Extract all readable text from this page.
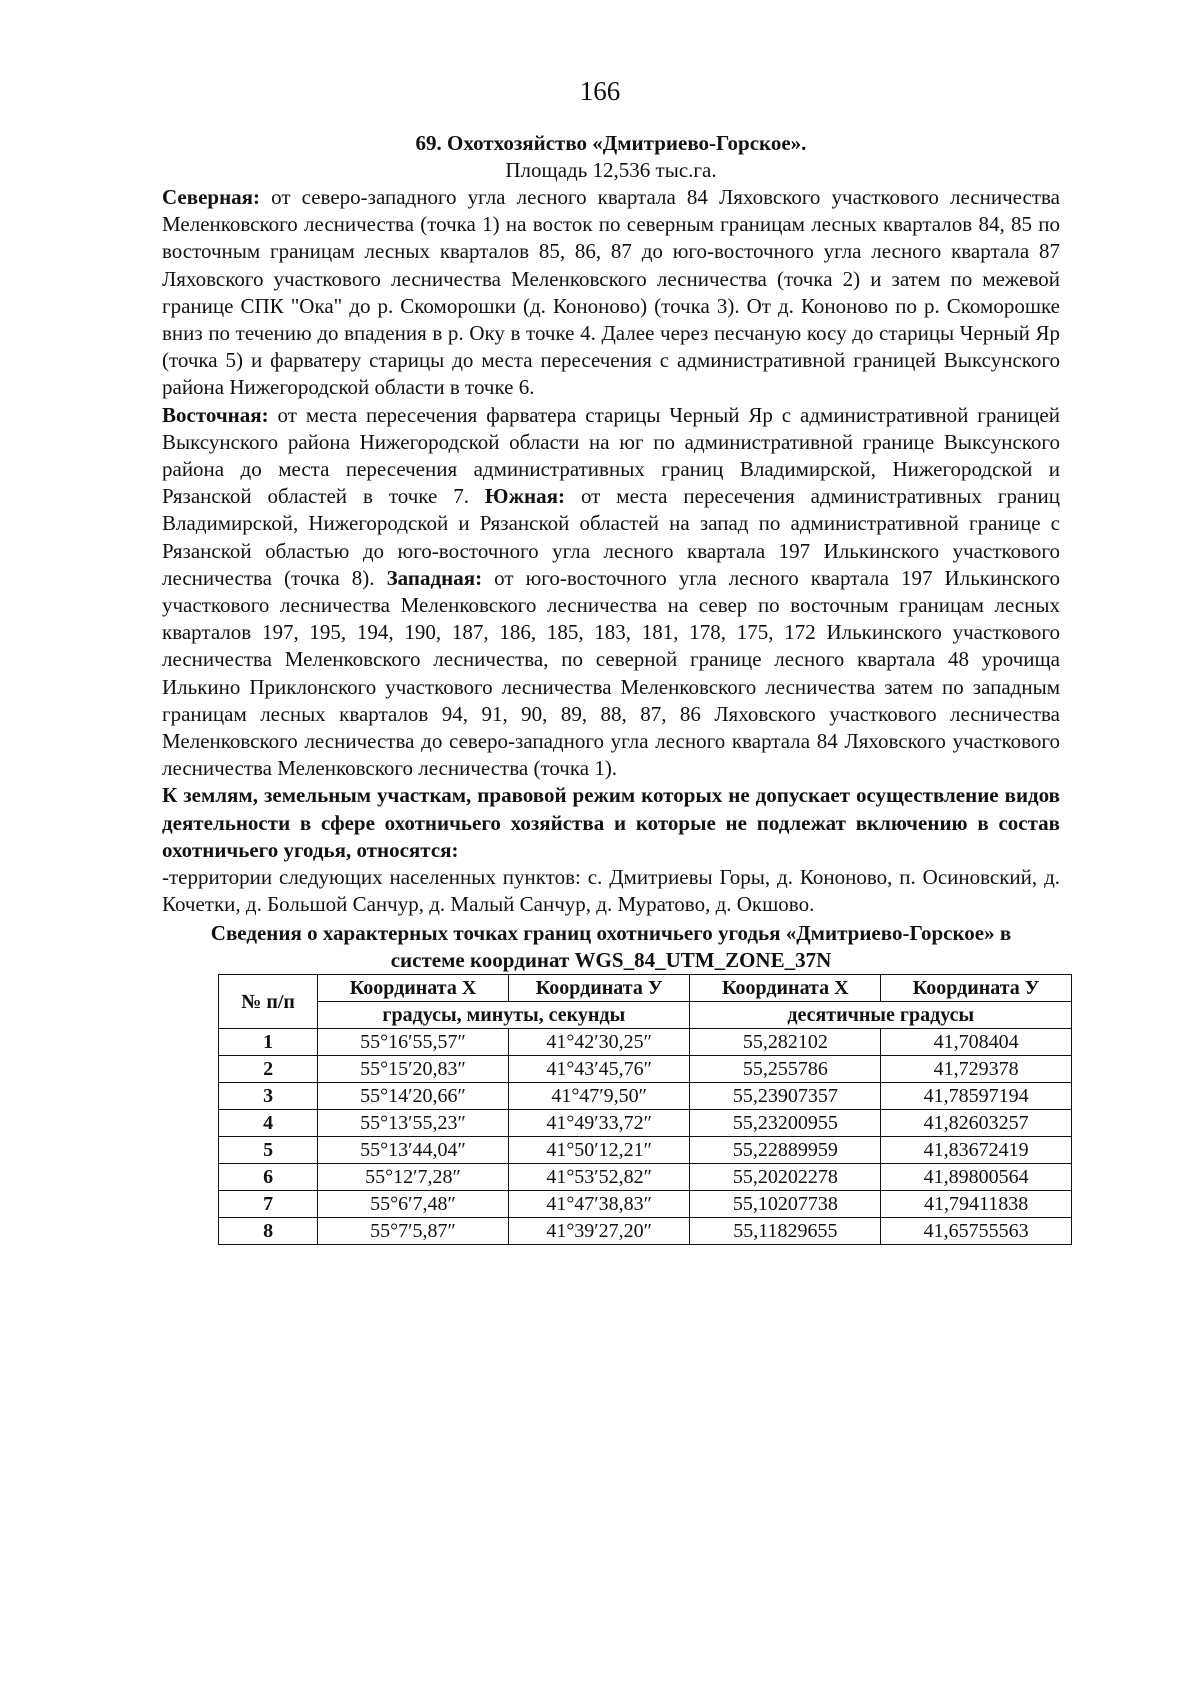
166
69. Охотхозяйство «Дмитриево-Горское».
Площадь 12,536 тыс.га.

Северная: от северо-западного угла лесного квартала 84 Ляховского участкового лесничества Меленковского лесничества (точка 1) на восток по северным границам лесных кварталов 84, 85 по восточным границам лесных кварталов 85, 86, 87 до юго-восточного угла лесного квартала 87 Ляховского участкового лесничества Меленковского лесничества (точка 2) и затем по межевой границе СПК "Ока" до р. Скоморошки (д. Кононово) (точка 3). От д. Кононово по р. Скоморошке вниз по течению до впадения в р. Оку в точке 4. Далее через песчаную косу до старицы Черный Яр (точка 5) и фарватеру старицы до места пересечения с административной границей Выксунского района Нижегородской области в точке 6.
Восточная: от места пересечения фарватера старицы Черный Яр с административной границей Выксунского района Нижегородской области на юг по административной границе Выксунского района до места пересечения административных границ Владимирской, Нижегородской и Рязанской областей в точке 7. Южная: от места пересечения административных границ Владимирской, Нижегородской и Рязанской областей на запад по административной границе с Рязанской областью до юго-восточного угла лесного квартала 197 Илькинского участкового лесничества (точка 8). Западная: от юго-восточного угла лесного квартала 197 Илькинского участкового лесничества Меленковского лесничества на север по восточным границам лесных кварталов 197, 195, 194, 190, 187, 186, 185, 183, 181, 178, 175, 172 Илькинского участкового лесничества Меленковского лесничества, по северной границе лесного квартала 48 урочища Илькино Приклонского участкового лесничества Меленковского лесничества затем по западным границам лесных кварталов 94, 91, 90, 89, 88, 87, 86 Ляховского участкового лесничества Меленковского лесничества до северо-западного угла лесного квартала 84 Ляховского участкового лесничества Меленковского лесничества (точка 1).

К землям, земельным участкам, правовой режим которых не допускает осуществление видов деятельности в сфере охотничьего хозяйства и которые не подлежат включению в состав охотничьего угодья, относятся:

-территории следующих населенных пунктов: с. Дмитриевы Горы, д. Кононово, п. Осиновский, д. Кочетки, д. Большой Санчур, д. Малый Санчур, д. Муратово, д. Окшово.

Сведения о характерных точках границ охотничьего угодья «Дмитриево-Горское» в
системе координат WGS_84_UTM_ZONE_37N
№ п/п	Координата X	Координата У	Координата X	Координата У
	градусы, минуты, секунды		десятичные градусы	
1	55°16′55,57″	41°42′30,25″	55,282102	41,708404
2	55°15′20,83″	41°43′45,76″	55,255786	41,729378
3	55°14′20,66″	41°47′9,50″	55,23907357	41,78597194
4	55°13′55,23″	41°49′33,72″	55,23200955	41,82603257
5	55°13′44,04″	41°50′12,21″	55,22889959	41,83672419
6	55°12′7,28″	41°53′52,82″	55,20202278	41,89800564
7	55°6′7,48″	41°47′38,83″	55,10207738	41,79411838
8	55°7′5,87″	41°39′27,20″	55,11829655	41,65755563
